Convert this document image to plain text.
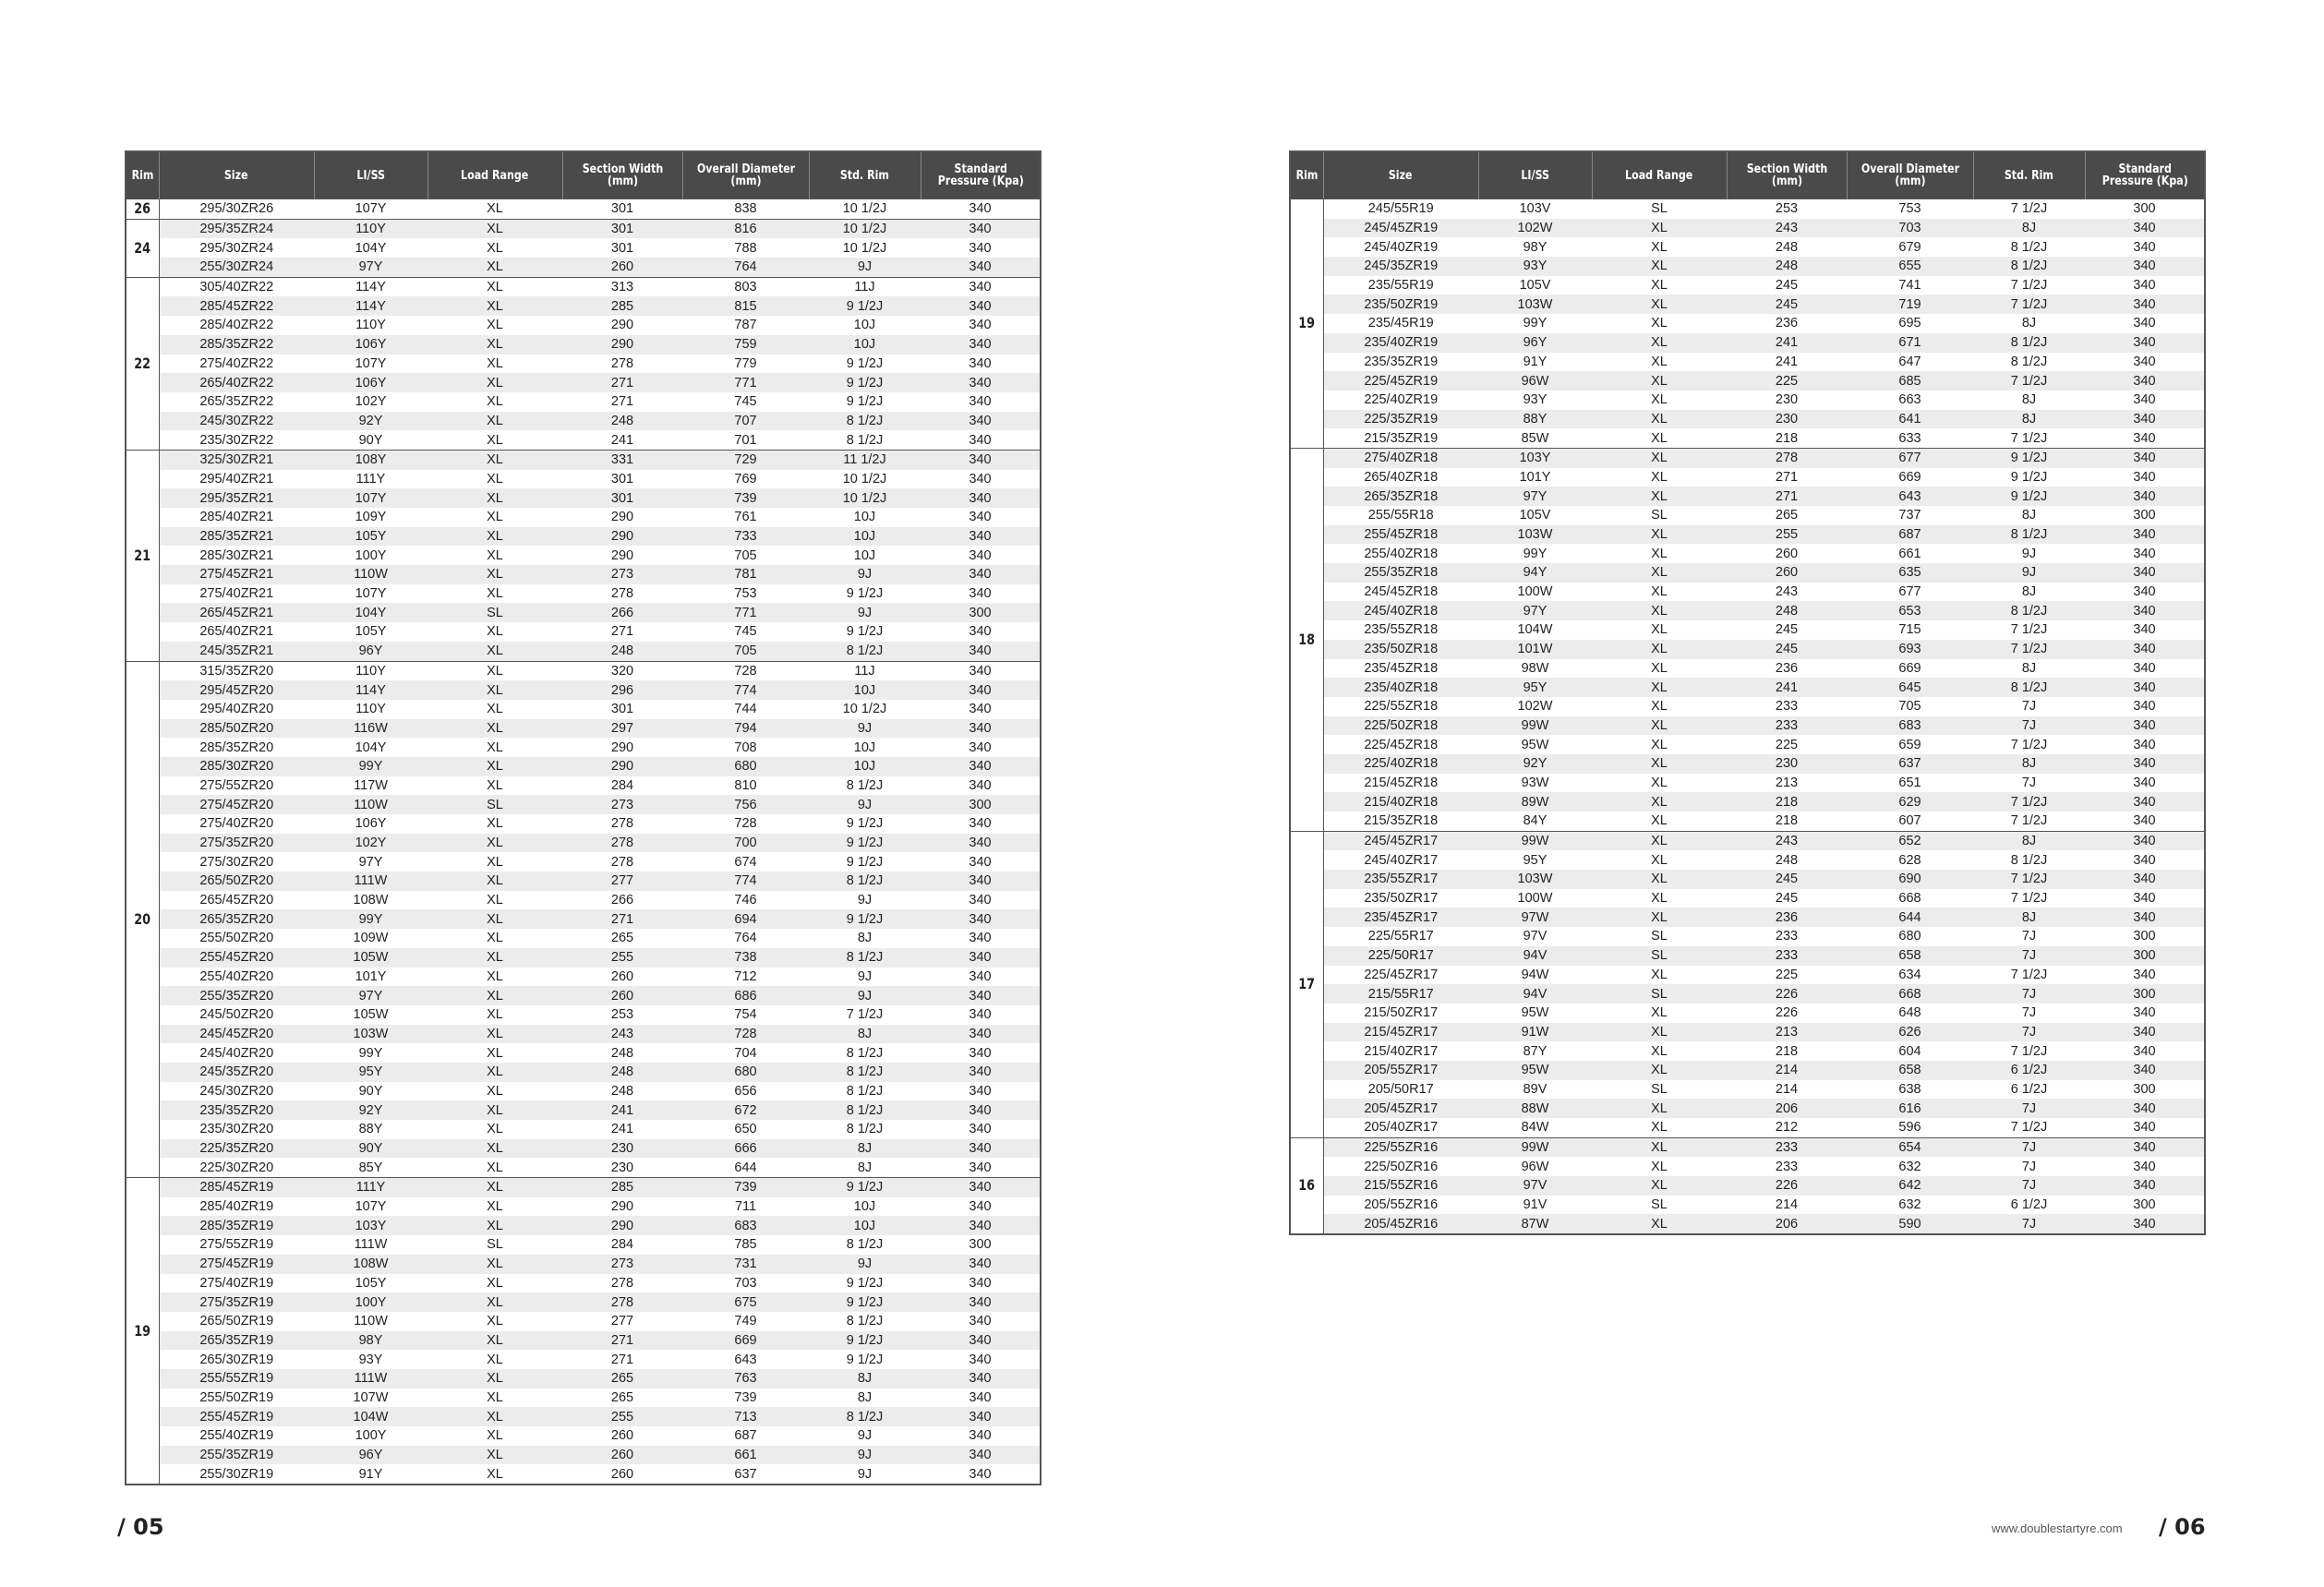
Rim	Size	LI/SS	Load Range	Section Width (mm)	Overall Diameter (mm)	Std. Rim	Standard Pressure (Kpa)
26	295/30ZR26	107Y	XL	301	838	10 1/2J	340
24	295/35ZR24	110Y	XL	301	816	10 1/2J	340
	295/30ZR24	104Y	XL	301	788	10 1/2J	340
	255/30ZR24	97Y	XL	260	764	9J	340
22	305/40ZR22	114Y	XL	313	803	11J	340
	285/45ZR22	114Y	XL	285	815	9 1/2J	340
	285/40ZR22	110Y	XL	290	787	10J	340
	285/35ZR22	106Y	XL	290	759	10J	340
	275/40ZR22	107Y	XL	278	779	9 1/2J	340
	265/40ZR22	106Y	XL	271	771	9 1/2J	340
	265/35ZR22	102Y	XL	271	745	9 1/2J	340
	245/30ZR22	92Y	XL	248	707	8 1/2J	340
	235/30ZR22	90Y	XL	241	701	8 1/2J	340
21	325/30ZR21	108Y	XL	331	729	11 1/2J	340
	295/40ZR21	111Y	XL	301	769	10 1/2J	340
	295/35ZR21	107Y	XL	301	739	10 1/2J	340
	285/40ZR21	109Y	XL	290	761	10J	340
	285/35ZR21	105Y	XL	290	733	10J	340
	285/30ZR21	100Y	XL	290	705	10J	340
	275/45ZR21	110W	XL	273	781	9J	340
	275/40ZR21	107Y	XL	278	753	9 1/2J	340
	265/45ZR21	104Y	SL	266	771	9J	300
	265/40ZR21	105Y	XL	271	745	9 1/2J	340
	245/35ZR21	96Y	XL	248	705	8 1/2J	340
20	315/35ZR20	110Y	XL	320	728	11J	340
	295/45ZR20	114Y	XL	296	774	10J	340
	295/40ZR20	110Y	XL	301	744	10 1/2J	340
	285/50ZR20	116W	XL	297	794	9J	340
	285/35ZR20	104Y	XL	290	708	10J	340
	285/30ZR20	99Y	XL	290	680	10J	340
	275/55ZR20	117W	XL	284	810	8 1/2J	340
	275/45ZR20	110W	SL	273	756	9J	300
	275/40ZR20	106Y	XL	278	728	9 1/2J	340
	275/35ZR20	102Y	XL	278	700	9 1/2J	340
	275/30ZR20	97Y	XL	278	674	9 1/2J	340
	265/50ZR20	111W	XL	277	774	8 1/2J	340
	265/45ZR20	108W	XL	266	746	9J	340
	265/35ZR20	99Y	XL	271	694	9 1/2J	340
	255/50ZR20	109W	XL	265	764	8J	340
	255/45ZR20	105W	XL	255	738	8 1/2J	340
	255/40ZR20	101Y	XL	260	712	9J	340
	255/35ZR20	97Y	XL	260	686	9J	340
	245/50ZR20	105W	XL	253	754	7 1/2J	340
	245/45ZR20	103W	XL	243	728	8J	340
	245/40ZR20	99Y	XL	248	704	8 1/2J	340
	245/35ZR20	95Y	XL	248	680	8 1/2J	340
	245/30ZR20	90Y	XL	248	656	8 1/2J	340
	235/35ZR20	92Y	XL	241	672	8 1/2J	340
	235/30ZR20	88Y	XL	241	650	8 1/2J	340
	225/35ZR20	90Y	XL	230	666	8J	340
	225/30ZR20	85Y	XL	230	644	8J	340
19	285/45ZR19	111Y	XL	285	739	9 1/2J	340
	285/40ZR19	107Y	XL	290	711	10J	340
	285/35ZR19	103Y	XL	290	683	10J	340
	275/55ZR19	111W	SL	284	785	8 1/2J	300
	275/45ZR19	108W	XL	273	731	9J	340
	275/40ZR19	105Y	XL	278	703	9 1/2J	340
	275/35ZR19	100Y	XL	278	675	9 1/2J	340
	265/50ZR19	110W	XL	277	749	8 1/2J	340
	265/35ZR19	98Y	XL	271	669	9 1/2J	340
	265/30ZR19	93Y	XL	271	643	9 1/2J	340
	255/55ZR19	111W	XL	265	763	8J	340
	255/50ZR19	107W	XL	265	739	8J	340
	255/45ZR19	104W	XL	255	713	8 1/2J	340
	255/40ZR19	100Y	XL	260	687	9J	340
	255/35ZR19	96Y	XL	260	661	9J	340
	255/30ZR19	91Y	XL	260	637	9J	340
/ 05
Rim	Size	LI/SS	Load Range	Section Width (mm)	Overall Diameter (mm)	Std. Rim	Standard Pressure (Kpa)
19	245/55R19	103V	SL	253	753	7 1/2J	300
	245/45ZR19	102W	XL	243	703	8J	340
	245/40ZR19	98Y	XL	248	679	8 1/2J	340
	245/35ZR19	93Y	XL	248	655	8 1/2J	340
	235/55R19	105V	XL	245	741	7 1/2J	340
	235/50ZR19	103W	XL	245	719	7 1/2J	340
	235/45R19	99Y	XL	236	695	8J	340
	235/40ZR19	96Y	XL	241	671	8 1/2J	340
	235/35ZR19	91Y	XL	241	647	8 1/2J	340
	225/45ZR19	96W	XL	225	685	7 1/2J	340
	225/40ZR19	93Y	XL	230	663	8J	340
	225/35ZR19	88Y	XL	230	641	8J	340
	215/35ZR19	85W	XL	218	633	7 1/2J	340
18	275/40ZR18	103Y	XL	278	677	9 1/2J	340
	265/40ZR18	101Y	XL	271	669	9 1/2J	340
	265/35ZR18	97Y	XL	271	643	9 1/2J	340
	255/55R18	105V	SL	265	737	8J	300
	255/45ZR18	103W	XL	255	687	8 1/2J	340
	255/40ZR18	99Y	XL	260	661	9J	340
	255/35ZR18	94Y	XL	260	635	9J	340
	245/45ZR18	100W	XL	243	677	8J	340
	245/40ZR18	97Y	XL	248	653	8 1/2J	340
	235/55ZR18	104W	XL	245	715	7 1/2J	340
	235/50ZR18	101W	XL	245	693	7 1/2J	340
	235/45ZR18	98W	XL	236	669	8J	340
	235/40ZR18	95Y	XL	241	645	8 1/2J	340
	225/55ZR18	102W	XL	233	705	7J	340
	225/50ZR18	99W	XL	233	683	7J	340
	225/45ZR18	95W	XL	225	659	7 1/2J	340
	225/40ZR18	92Y	XL	230	637	8J	340
	215/45ZR18	93W	XL	213	651	7J	340
	215/40ZR18	89W	XL	218	629	7 1/2J	340
	215/35ZR18	84Y	XL	218	607	7 1/2J	340
17	245/45ZR17	99W	XL	243	652	8J	340
	245/40ZR17	95Y	XL	248	628	8 1/2J	340
	235/55ZR17	103W	XL	245	690	7 1/2J	340
	235/50ZR17	100W	XL	245	668	7 1/2J	340
	235/45ZR17	97W	XL	236	644	8J	340
	225/55R17	97V	SL	233	680	7J	300
	225/50R17	94V	SL	233	658	7J	300
	225/45ZR17	94W	XL	225	634	7 1/2J	340
	215/55R17	94V	SL	226	668	7J	300
	215/50ZR17	95W	XL	226	648	7J	340
	215/45ZR17	91W	XL	213	626	7J	340
	215/40ZR17	87Y	XL	218	604	7 1/2J	340
	205/55ZR17	95W	XL	214	658	6 1/2J	340
	205/50R17	89V	SL	214	638	6 1/2J	300
	205/45ZR17	88W	XL	206	616	7J	340
	205/40ZR17	84W	XL	212	596	7 1/2J	340
16	225/55ZR16	99W	XL	233	654	7J	340
	225/50ZR16	96W	XL	233	632	7J	340
	215/55ZR16	97V	XL	226	642	7J	340
	205/55ZR16	91V	SL	214	632	6 1/2J	300
	205/45ZR16	87W	XL	206	590	7J	340
www.doublestartyre.com / 06
